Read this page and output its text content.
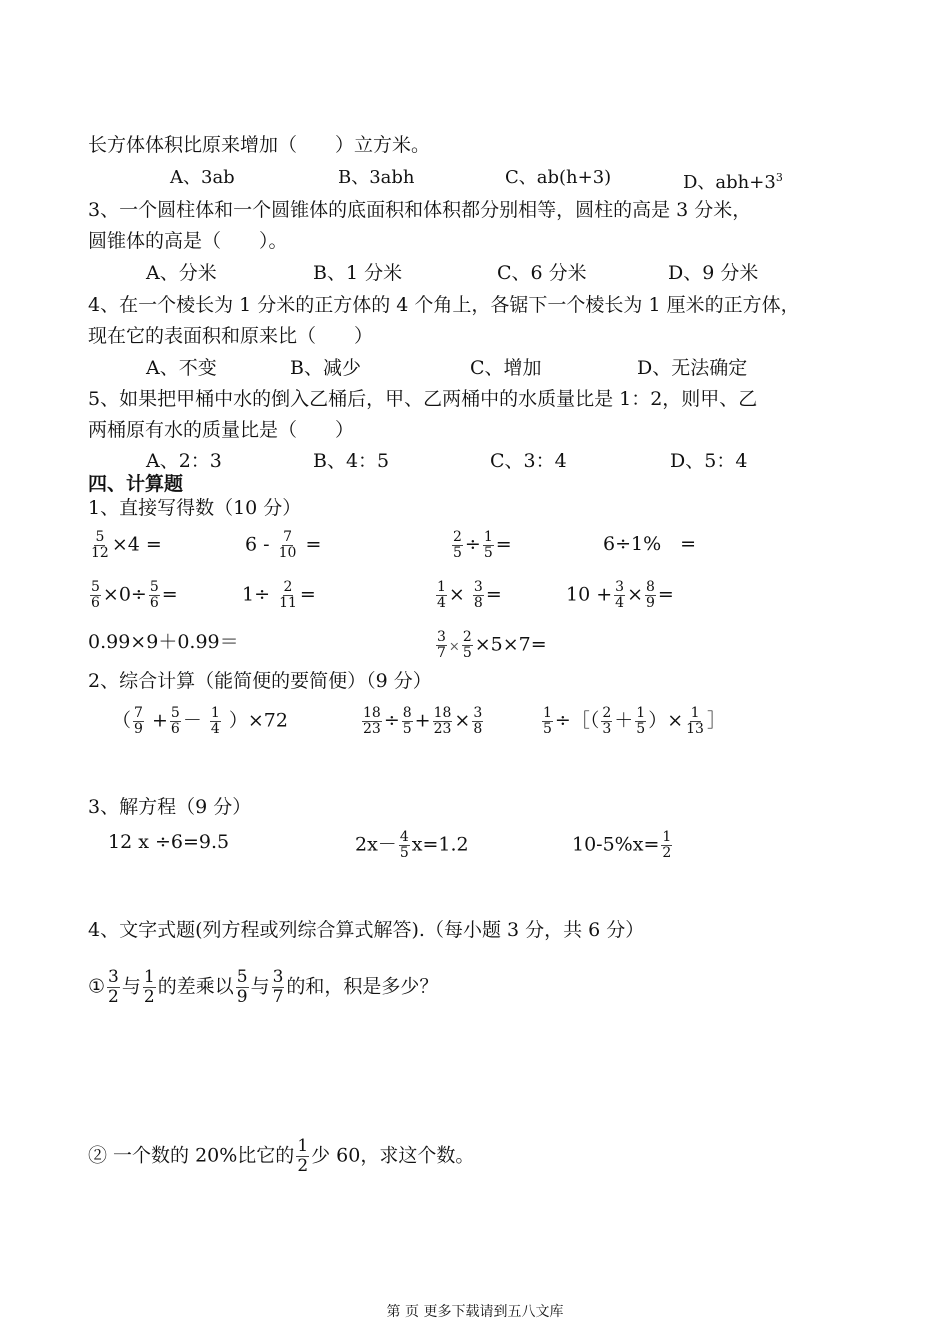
长方体体积比原来增加（　　）立方米。
A、3ab	B、3abh	C、ab(h+3)	D、$abh+3^3$
3、一个圆柱体和一个圆锥体的底面积和体积都分别相等，圆柱的高是 3 分米，
圆锥体的高是（　　）。
A、分米	B、1 分米	C、6 分米	D、9 分米
4、在一个棱长为 1 分米的正方体的 4 个角上，各锯下一个棱长为 1 厘米的正方体，
现在它的表面积和原来比（　　）
A、不变	B、减少	C、增加	D、无法确定
5、如果把甲桶中水的倒入乙桶后，甲、乙两桶中的水质量比是 1：2，则甲、乙
两桶原有水的质量比是（　　）
A、2：3	B、4：5	C、3：4	D、5：4
四、计算题
1、直接写得数（10 分）
$\frac{5}{12} \times 4$ =	$6 - \frac{7}{10}$ =	$\frac{2}{5} \div \frac{1}{5}$ =	6÷1%　=
$\frac{5}{6} \times 0\div \frac{5}{6}$ =	$1\div \frac{2}{11}$ =	$\frac{1}{4} \times \frac{3}{8}$ =	$10 + \frac{3}{4} \times \frac{8}{9}$ =
0.99×9＋0.99＝	$\frac{3}{7} \times \frac{2}{5} \times 5\times 7=$
2、综合计算（能简便的要简便）（9 分）
（ $\frac{7}{9} + \frac{5}{6} - \frac{1}{4} )\times 72$	$\frac{18}{23} \div \frac{8}{5} + \frac{18}{23} \times \frac{3}{8}$	$\frac{1}{5}$ ÷［（ $\frac{2}{3} + \frac{1}{5}$ ）× $\frac{1}{13}$ ］
3、解方程（9 分）
12 x ÷6=9.5	$2x- \frac{4}{5} x=1.2$	$10-5\%x= \frac{1}{2}$
4、文字式题(列方程或列综合算式解答).（每小题 3 分，共 6 分）
① $\frac{3}{2}$ 与 $\frac{1}{2}$ 的差乘以 $\frac{5}{9}$ 与 $\frac{3}{7}$ 的和，积是多少？
② 一个数的 20%比它的 $\frac{1}{2}$ 少 60，求这个数。
第 页 更多下载请到五八文库
